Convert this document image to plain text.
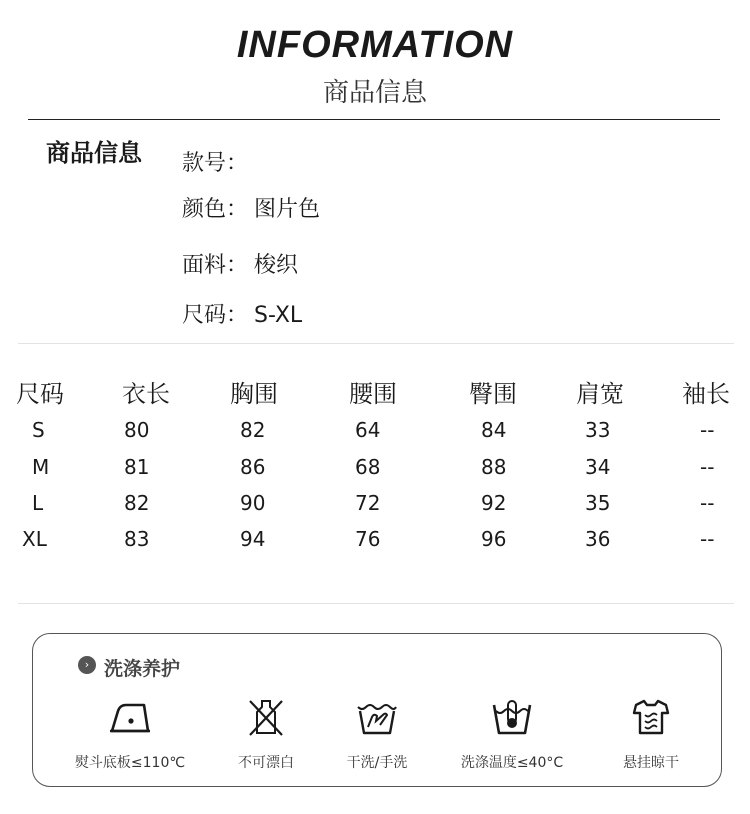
INFORMATION
商品信息
商品信息 款号：
颜色： 图片色
面料： 梭织
尺码： S-XL
尺码 衣长	胸围	腰围	臀围 肩宽 袖长
S	80	82	64	84	33	--
M	81	86	68	88	34	--
L	82	90	72	92	35	--
XL	83	94	76	96	36	--
› 洗涤养护
熨斗底板≤110℃	不可漂白	干洗/手洗	洗涤温度≤40°C	悬挂晾干
